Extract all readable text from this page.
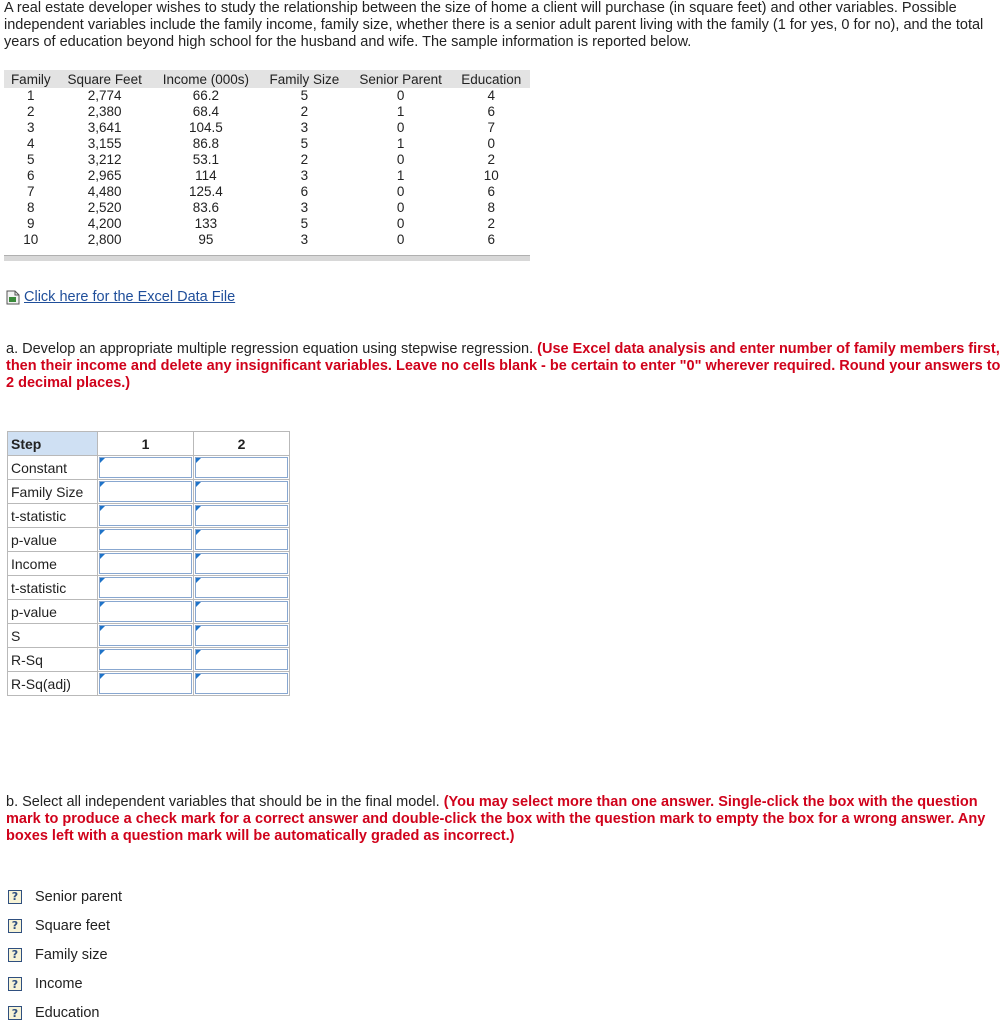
A real estate developer wishes to study the relationship between the size of home a client will purchase (in square feet) and other variables. Possible independent variables include the family income, family size, whether there is a senior adult parent living with the family (1 for yes, 0 for no), and the total years of education beyond high school for the husband and wife. The sample information is reported below.

Family	Square Feet	Income (000s)	Family Size	Senior Parent	Education
1	2,774	66.2	5	0	4
2	2,380	68.4	2	1	6
3	3,641	104.5	3	0	7
4	3,155	86.8	5	1	0
5	3,212	53.1	2	0	2
6	2,965	114	3	1	10
7	4,480	125.4	6	0	6
8	2,520	83.6	3	0	8
9	4,200	133	5	0	2
10	2,800	95	3	0	6
Click here for the Excel Data File

a. Develop an appropriate multiple regression equation using stepwise regression. (Use Excel data analysis and enter number of family members first, then their income and delete any insignificant variables. Leave no cells blank - be certain to enter "0" wherever required. Round your answers to 2 decimal places.)

Step	1	2
Constant	

Family Size	

t-statistic	

p-value	

Income	

t-statistic	

p-value	

S	

R-Sq	

R-Sq(adj)	

b. Select all independent variables that should be in the final model. (You may select more than one answer. Single-click the box with the question mark to produce a check mark for a correct answer and double-click the box with the question mark to empty the box for a wrong answer. Any boxes left with a question mark will be automatically graded as incorrect.)

? Senior parent
? Square feet
? Family size
? Income
? Education
